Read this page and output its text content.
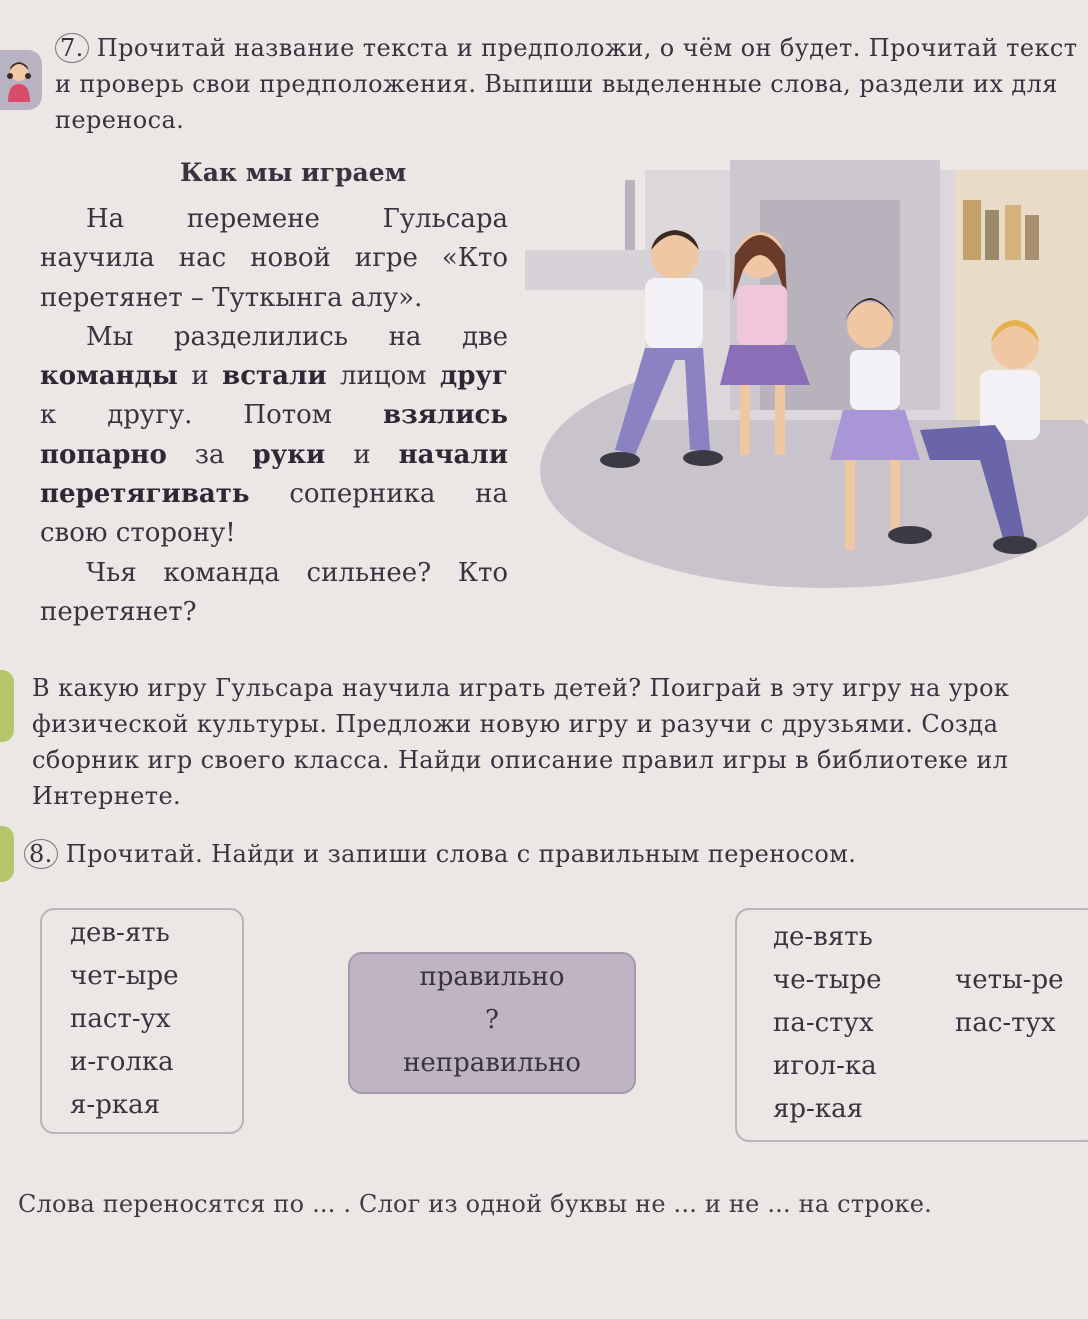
7. Прочитай название текста и предположи, о чём он будет. Прочитай текст
и проверь свои предположения. Выпиши выделенные слова, раздели их для
переноса.
Как мы играем

На перемене Гульсара научила нас новой игре «Кто перетянет – Туткынга алу».

Мы разделились на две команды и встали лицом друг к другу. Потом взялись попарно за руки и начали перетягивать соперника на свою сторону!

Чья команда сильнее? Кто перетянет?

В какую игру Гульсара научила играть детей? Поиграй в эту игру на урок
физической культуры. Предложи новую игру и разучи с друзьями. Созда
сборник игр своего класса. Найди описание правил игры в библиотеке ил
Интернете.
8. Прочитай. Найди и запиши слова с правильным переносом.
дев-ять
чет-ыре
паст-ух
и-голка
я-ркая
правильно
?
неправильно
де-вять
че-тыре
па-стух
игол-ка
яр-кая
четы-ре
пас-тух
Слова переносятся по ... . Слог из одной буквы не ... и не ... на строке.
